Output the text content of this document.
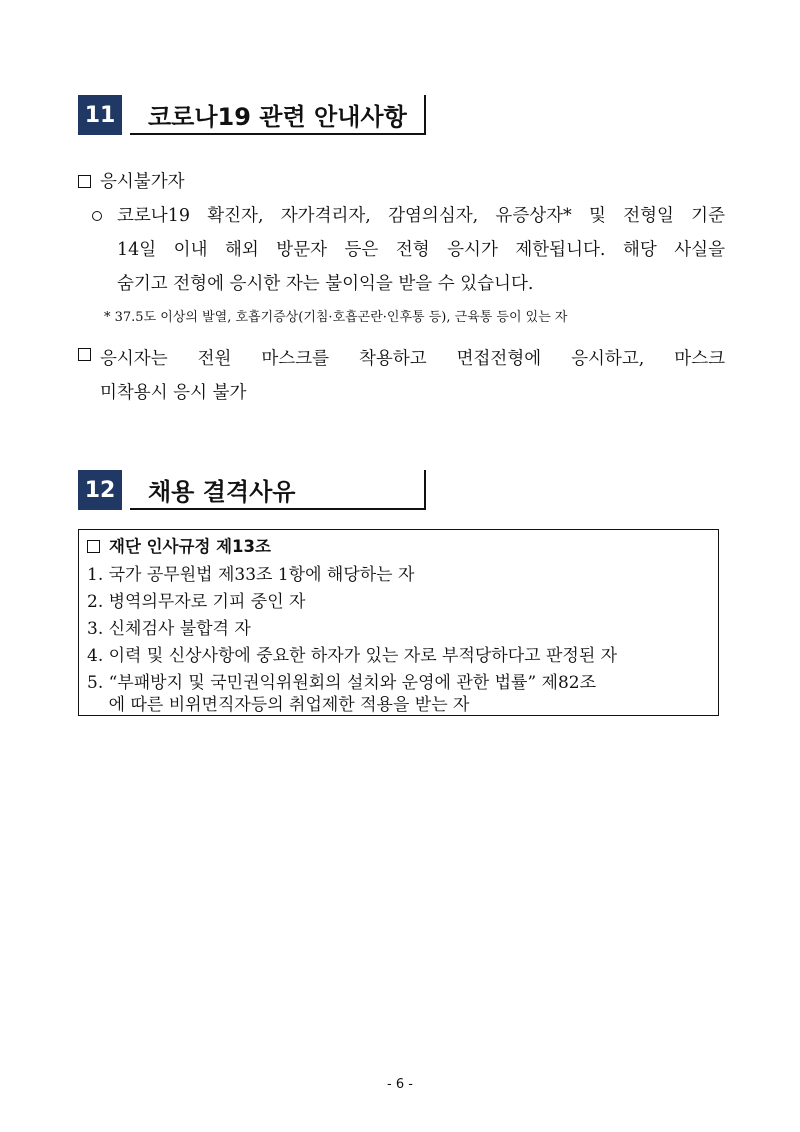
11	코로나19 관련 안내사항
응시불가자
코로나19 확진자, 자가격리자, 감염의심자, 유증상자* 및 전형일 기준
14일 이내 해외 방문자 등은 전형 응시가 제한됩니다. 해당 사실을
숨기고 전형에 응시한 자는 불이익을 받을 수 있습니다.
* 37.5도 이상의 발열, 호흡기증상(기침·호흡곤란·인후통 등), 근육통 등이 있는 자
응시자는 전원 마스크를 착용하고 면접전형에 응시하고, 마스크
미착용시 응시 불가
12	채용 결격사유
재단 인사규정 제13조
1. 국가 공무원법 제33조 1항에 해당하는 자
2. 병역의무자로 기피 중인 자
3. 신체검사 불합격 자
4. 이력 및 신상사항에 중요한 하자가 있는 자로 부적당하다고 판정된 자
5. “부패방지 및 국민권익위원회의 설치와 운영에 관한 법률” 제82조
에 따른 비위면직자등의 취업제한 적용을 받는 자
- 6 -
